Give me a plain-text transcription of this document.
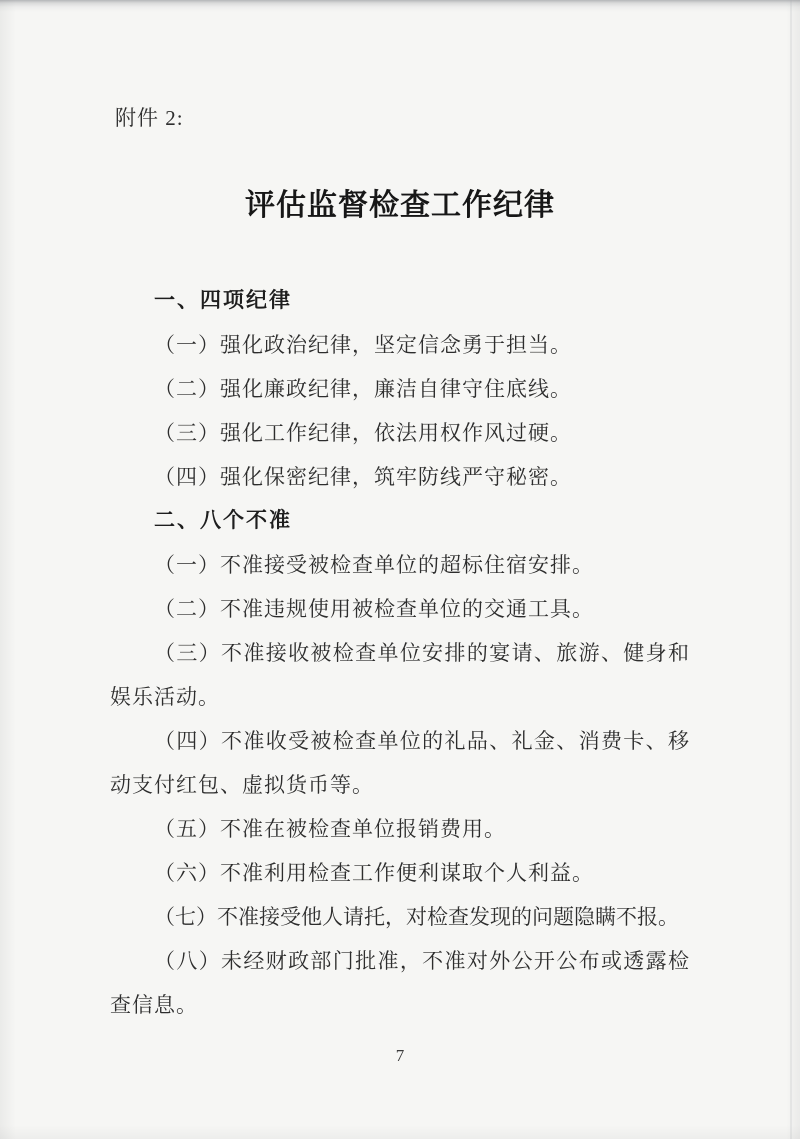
附件 2:
评估监督检查工作纪律

一、四项纪律

（一）强化政治纪律，坚定信念勇于担当。

（二）强化廉政纪律，廉洁自律守住底线。

（三）强化工作纪律，依法用权作风过硬。

（四）强化保密纪律，筑牢防线严守秘密。

二、八个不准

（一）不准接受被检查单位的超标住宿安排。

（二）不准违规使用被检查单位的交通工具。

（三）不准接收被检查单位安排的宴请、旅游、健身和娱乐活动。

（四）不准收受被检查单位的礼品、礼金、消费卡、移动支付红包、虚拟货币等。

（五）不准在被检查单位报销费用。

（六）不准利用检查工作便利谋取个人利益。

（七）不准接受他人请托，对检查发现的问题隐瞒不报。

（八）未经财政部门批准，不准对外公开公布或透露检查信息。

7
